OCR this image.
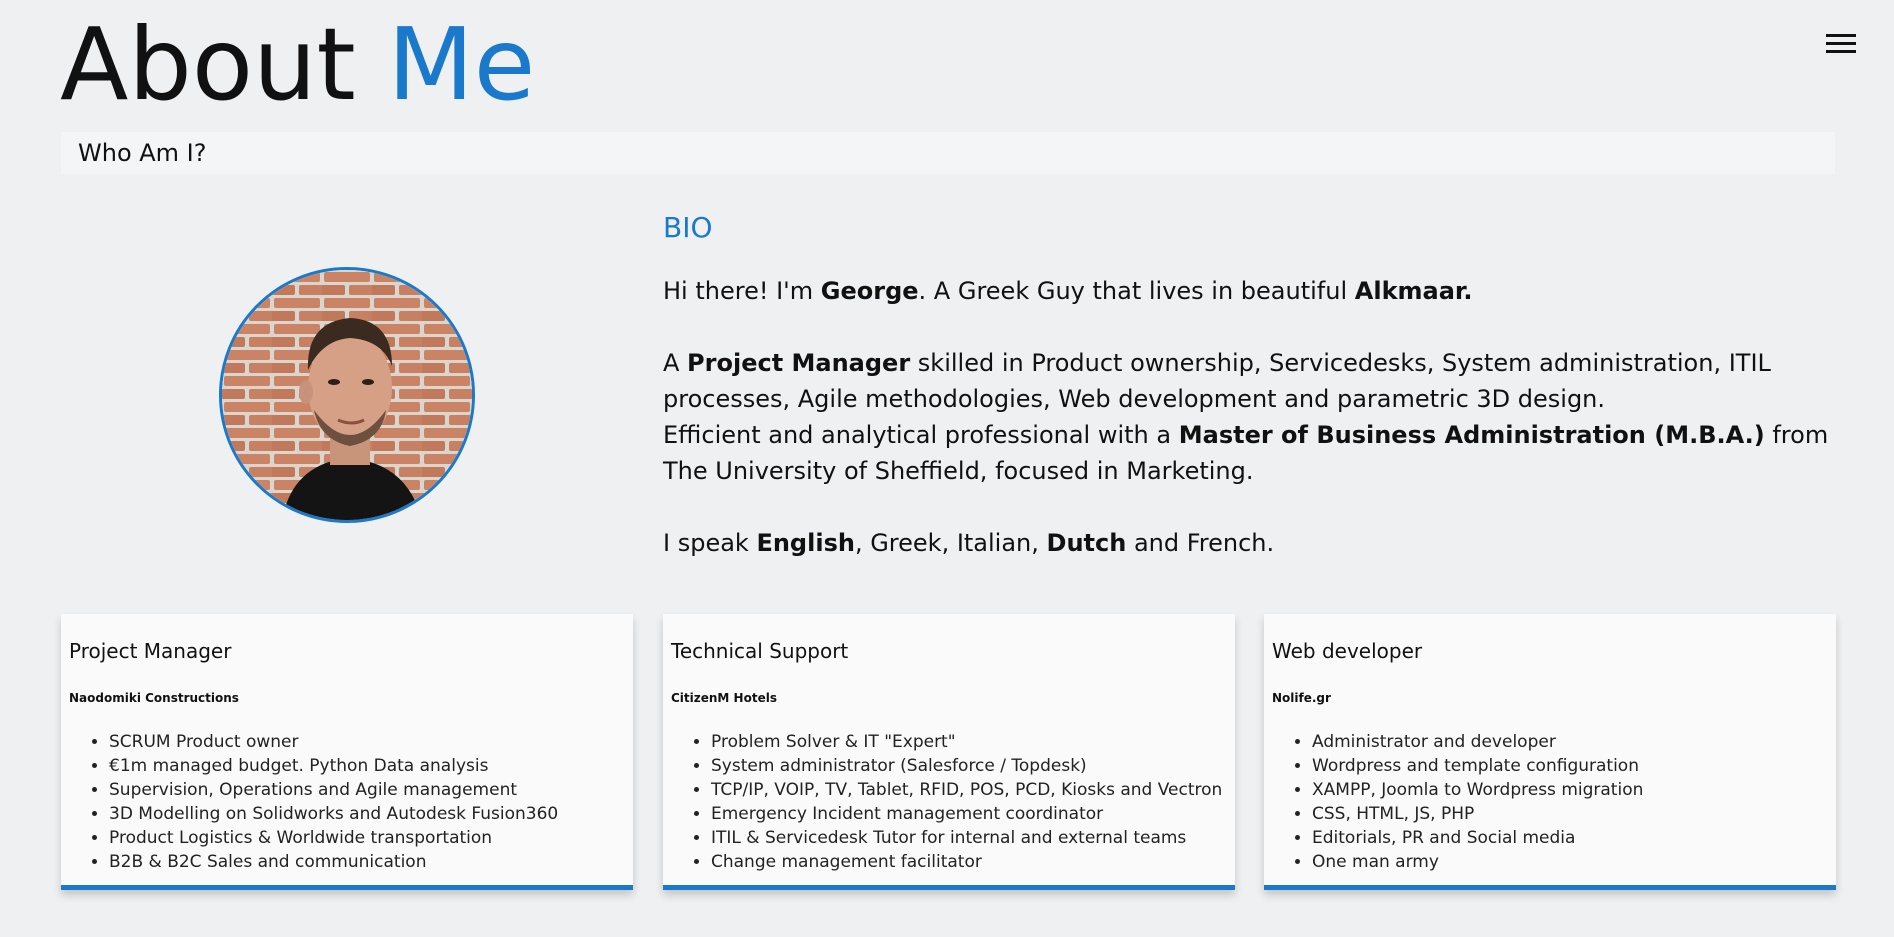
About Me
Who Am I?
BIO

Hi there! I'm George. A Greek Guy that lives in beautiful Alkmaar.

A Project Manager skilled in Product ownership, Servicedesks, System administration, ITIL processes, Agile methodologies, Web development and parametric 3D design.
Efficient and analytical professional with a Master of Business Administration (M.B.A.) from The University of Sheffield, focused in Marketing.

I speak English, Greek, Italian, Dutch and French.

Project Manager
Naodomiki Constructions
• SCRUM Product owner
• €1m managed budget. Python Data analysis
• Supervision, Operations and Agile management
• 3D Modelling on Solidworks and Autodesk Fusion360
• Product Logistics & Worldwide transportation
• B2B & B2C Sales and communication
Technical Support
CitizenM Hotels
• Problem Solver & IT "Expert"
• System administrator (Salesforce / Topdesk)
• TCP/IP, VOIP, TV, Tablet, RFID, POS, PCD, Kiosks and Vectron
• Emergency Incident management coordinator
• ITIL & Servicedesk Tutor for internal and external teams
• Change management facilitator
Web developer
Nolife.gr
• Administrator and developer
• Wordpress and template configuration
• XAMPP, Joomla to Wordpress migration
• CSS, HTML, JS, PHP
• Editorials, PR and Social media
• One man army
